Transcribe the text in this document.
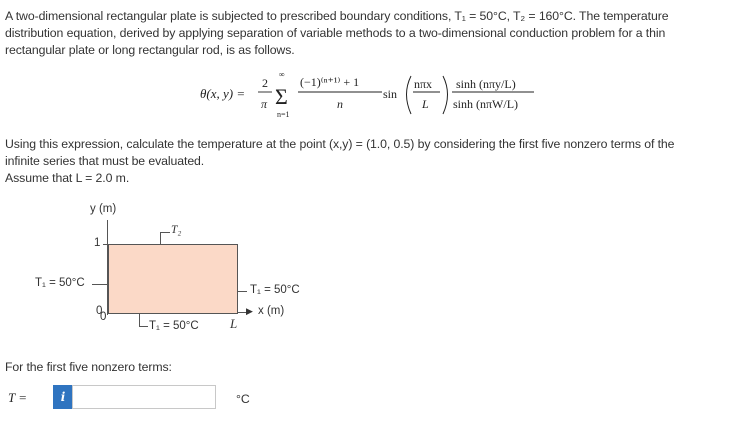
A two-dimensional rectangular plate is subjected to prescribed boundary conditions, T₁ = 50°C, T₂ = 160°C. The temperature
distribution equation, derived by applying separation of variable methods to a two-dimensional conduction problem for a thin
rectangular plate or long rectangular rod, is as follows.
θ(x, y) =
2
π
∞
Σ
n=1
(−1)⁽ⁿ⁺¹⁾ + 1
n
sin
nπx
L
sinh (nπy/L)
sinh (nπW/L)
Using this expression, calculate the temperature at the point (x,y) = (1.0, 0.5) by considering the first five nonzero terms of the
infinite series that must be evaluated.
Assume that L = 2.0 m.
y (m)
1
T₂
T₁ = 50°C
T₁ = 50°C
▶ x (m)
0
0
T₁ = 50°C L
For the first five nonzero terms:
T =	i	°C
